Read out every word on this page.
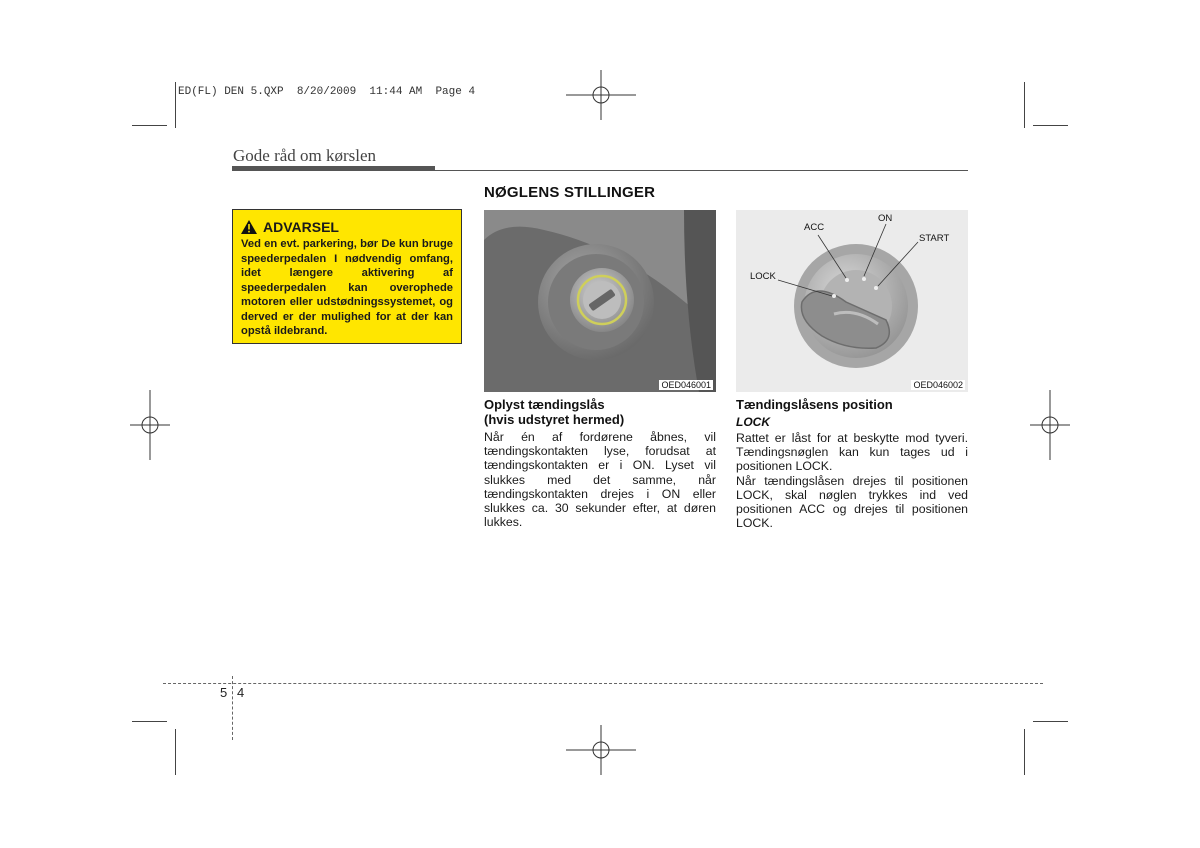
ED(FL) DEN 5.QXP  8/20/2009  11:44 AM  Page 4
Gode råd om kørslen
NØGLENS STILLINGER
ADVARSEL
Ved en evt. parkering, bør De kun bruge speederpedalen I nødvendig omfang, idet længere aktivering af speederpedalen kan overophede motoren eller udstødningssystemet, og derved er der mulighed for at der kan opstå ildebrand.
OED046001
ACC
ON
START
LOCK
OED046002
Oplyst tændingslås
(hvis udstyret hermed)
Når én af fordørene åbnes, vil tændingskontakten lyse, forudsat at tændingskontakten er i ON. Lyset vil slukkes med det samme, når tændingskontakten drejes i ON eller slukkes ca. 30 sekunder efter, at døren lukkes.
Tændingslåsens position
LOCK
Rattet er låst for at beskytte mod tyveri. Tændingsnøglen kan kun tages ud i positionen LOCK.
Når tændingslåsen drejes til positionen LOCK, skal nøglen trykkes ind ved positionen ACC og drejes til positionen LOCK.
5 4
